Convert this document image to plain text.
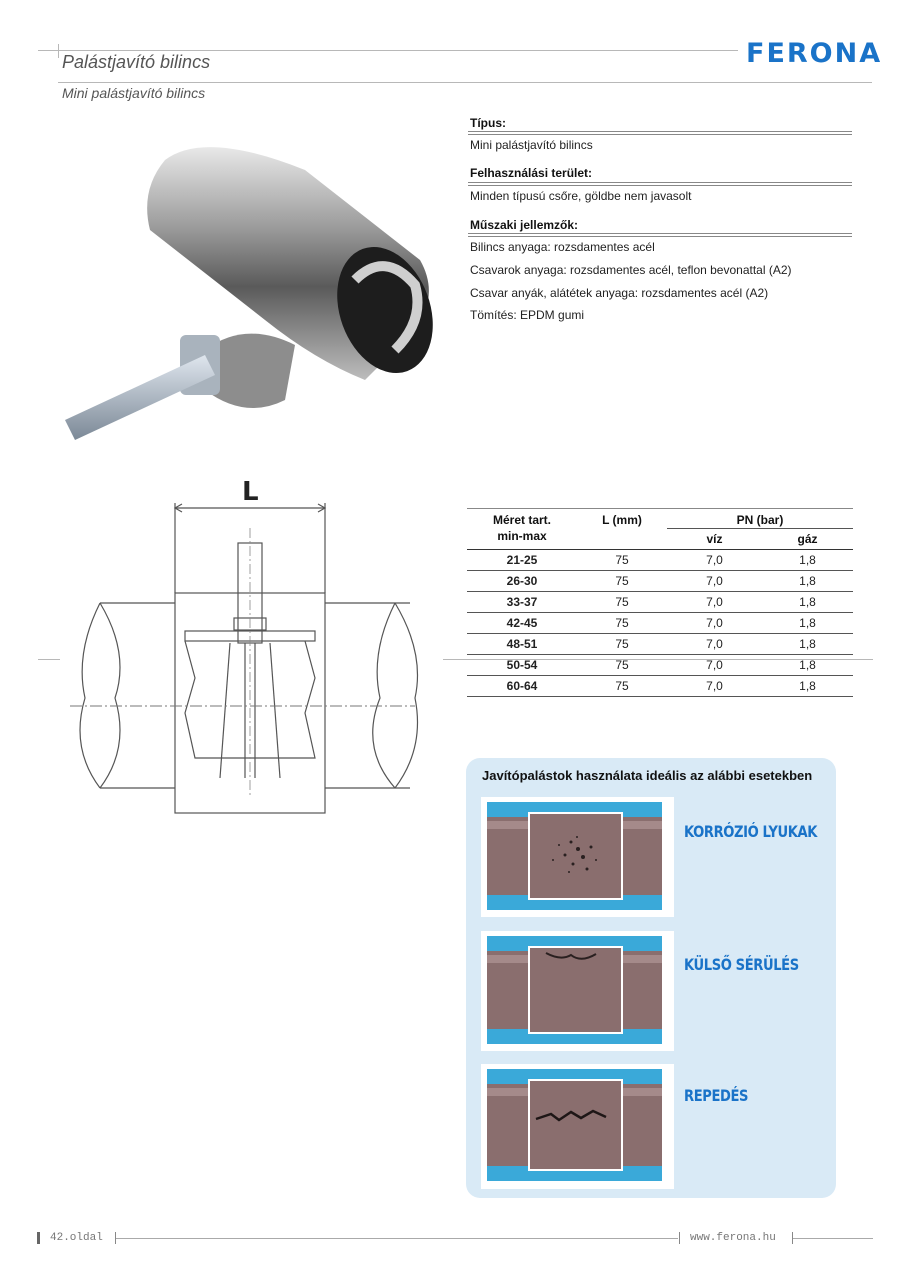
Palástjavító bilincs
Mini palástjavító bilincs
FERONA
L
Típus:
Mini palástjavító bilincs
Felhasználási terület:
Minden típusú csőre, göldbe nem javasolt
Műszaki jellemzők:
Bilincs anyaga: rozsdamentes acél
Csavarok anyaga: rozsdamentes acél, teflon bevonattal (A2)
Csavar anyák, alátétek anyaga: rozsdamentes acél (A2)
Tömítés: EPDM gumi
Méret tart.
min-max
L (mm)	PN (bar)
víz	gáz
21-25	75	7,0	1,8
26-30	75	7,0	1,8
33-37	75	7,0	1,8
42-45	75	7,0	1,8
48-51	75	7,0	1,8
50-54	75	7,0	1,8
60-64	75	7,0	1,8
Javítópalástok használata ideális az alábbi esetekben
KORRÓZIÓ LYUKAK
KÜLSŐ SÉRÜLÉS
REPEDÉS
42.oldal	www.ferona.hu
